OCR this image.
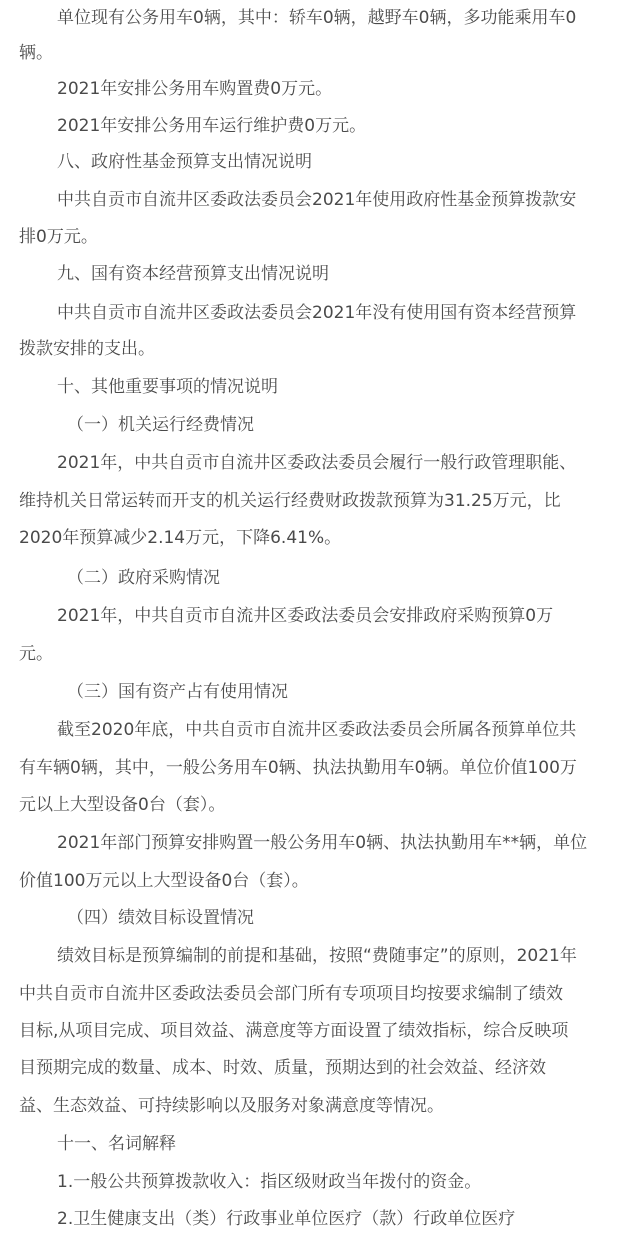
单位现有公务用车0辆，其中：轿车0辆，越野车0辆，多功能乘用车0
辆。
2021年安排公务用车购置费0万元。
2021年安排公务用车运行维护费0万元。
八、政府性基金预算支出情况说明
中共自贡市自流井区委政法委员会2021年使用政府性基金预算拨款安
排0万元。
九、国有资本经营预算支出情况说明
中共自贡市自流井区委政法委员会2021年没有使用国有资本经营预算
拨款安排的支出。
十、其他重要事项的情况说明
（一）机关运行经费情况
2021年，中共自贡市自流井区委政法委员会履行一般行政管理职能、
维持机关日常运转而开支的机关运行经费财政拨款预算为31.25万元，比
2020年预算减少2.14万元，下降6.41%。
（二）政府采购情况
2021年，中共自贡市自流井区委政法委员会安排政府采购预算0万
元。
（三）国有资产占有使用情况
截至2020年底，中共自贡市自流井区委政法委员会所属各预算单位共
有车辆0辆，其中，一般公务用车0辆、执法执勤用车0辆。单位价值100万
元以上大型设备0台（套）。
2021年部门预算安排购置一般公务用车0辆、执法执勤用车**辆，单位
价值100万元以上大型设备0台（套）。
（四）绩效目标设置情况
绩效目标是预算编制的前提和基础，按照“费随事定”的原则，2021年
中共自贡市自流井区委政法委员会部门所有专项项目均按要求编制了绩效
目标,从项目完成、项目效益、满意度等方面设置了绩效指标，综合反映项
目预期完成的数量、成本、时效、质量，预期达到的社会效益、经济效
益、生态效益、可持续影响以及服务对象满意度等情况。
十一、名词解释
1.一般公共预算拨款收入：指区级财政当年拨付的资金。
2.卫生健康支出（类）行政事业单位医疗（款）行政单位医疗
